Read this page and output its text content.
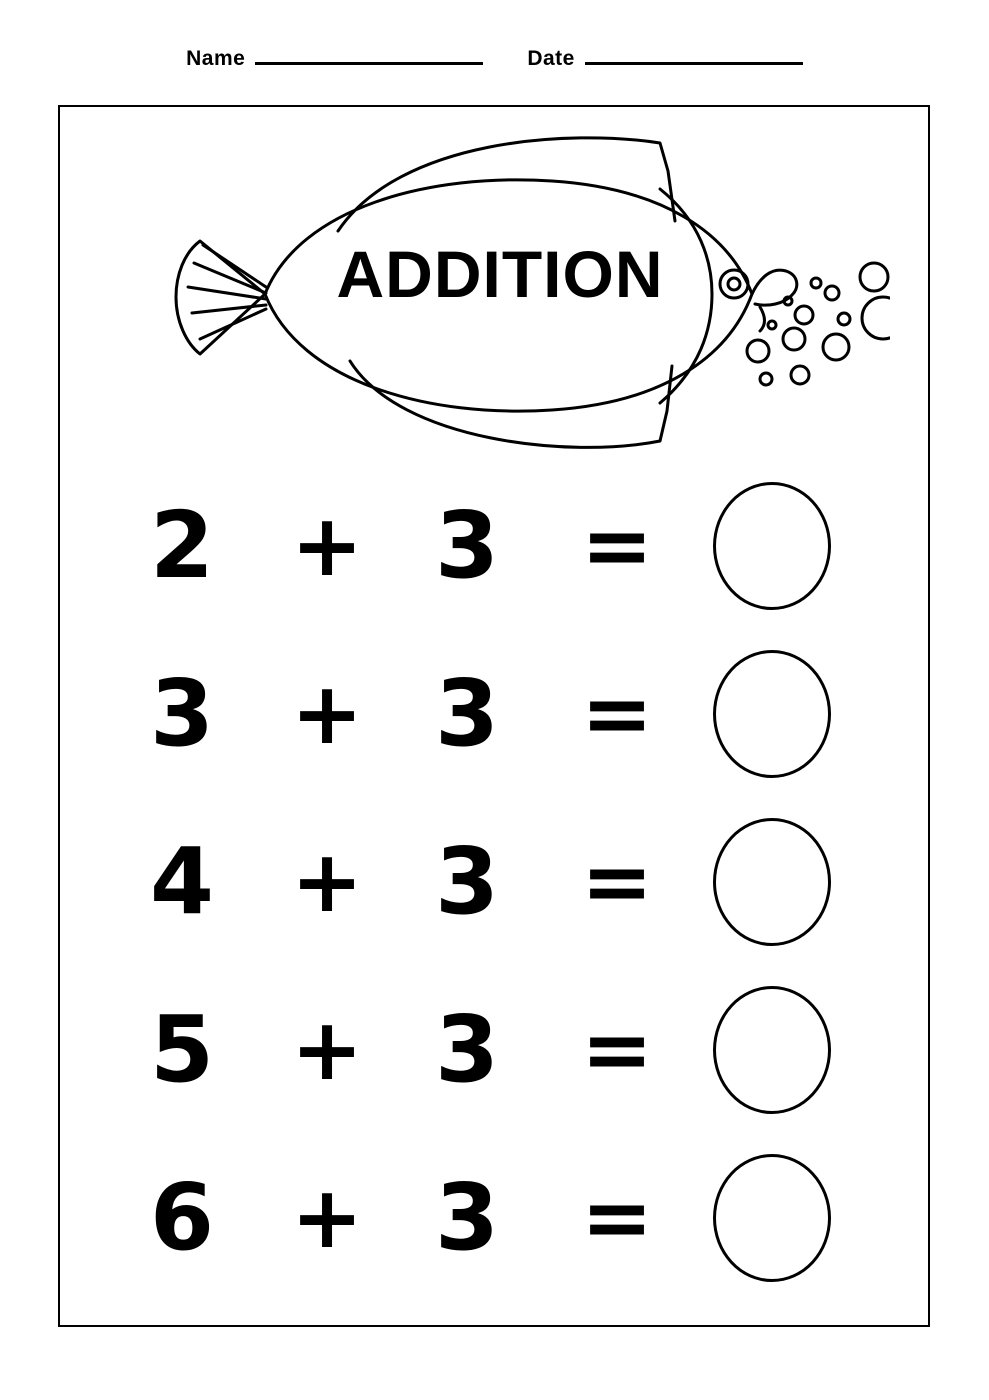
Name	Date
ADDITION
2 + 3 =
3 + 3 =
4 + 3 =
5 + 3 =
6 + 3 =
